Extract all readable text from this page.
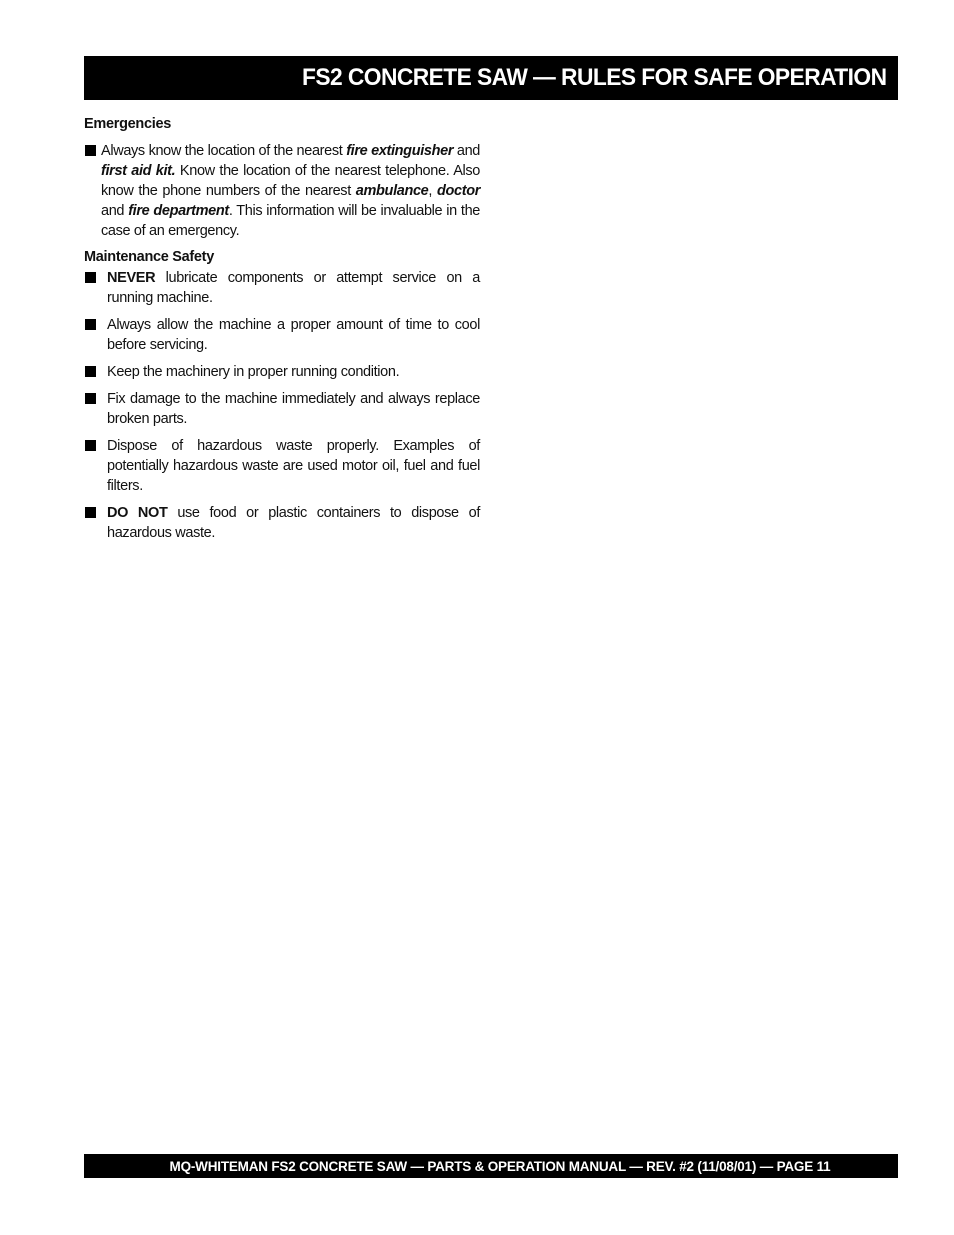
FS2 CONCRETE SAW — RULES FOR SAFE OPERATION

Emergencies

Always know the location of the nearest fire extinguisher and first aid kit. Know the location of the nearest telephone. Also know the phone numbers of the nearest ambulance, doctor and fire department. This information will be invaluable in the case of an emergency.

Maintenance Safety

NEVER lubricate components or attempt service on a running machine.
Always allow the machine a proper amount of time to cool before servicing.
Keep the machinery in proper running condition.
Fix damage to the machine immediately and always replace broken parts.
Dispose of hazardous waste properly. Examples of potentially hazardous waste are used motor oil, fuel and fuel filters.
DO NOT use food or plastic containers to dispose of hazardous waste.
MQ-WHITEMAN FS2 CONCRETE SAW — PARTS & OPERATION MANUAL — REV. #2 (11/08/01) — PAGE 11
